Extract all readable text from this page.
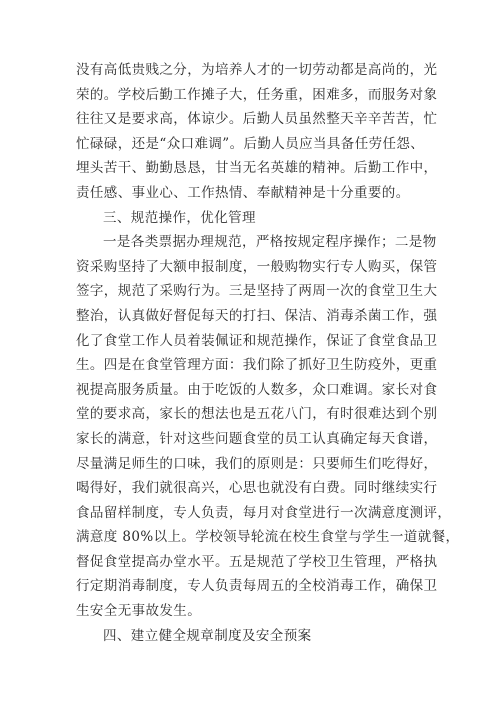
没有高低贵贱之分，为培养人才的一切劳动都是高尚的，光
荣的。学校后勤工作摊子大，任务重，困难多，而服务对象
往往又是要求高，体谅少。后勤人员虽然整天辛辛苦苦，忙
忙碌碌，还是“众口难调”。后勤人员应当具备任劳任怨、
埋头苦干、勤勤恳恳，甘当无名英雄的精神。后勤工作中，
责任感、事业心、工作热情、奉献精神是十分重要的。
三、规范操作，优化管理
一是各类票据办理规范，严格按规定程序操作；二是物
资采购坚持了大额申报制度，一般购物实行专人购买，保管
签字，规范了采购行为。三是坚持了两周一次的食堂卫生大
整治，认真做好督促每天的打扫、保洁、消毒杀菌工作，强
化了食堂工作人员着装佩证和规范操作，保证了食堂食品卫
生。四是在食堂管理方面：我们除了抓好卫生防疫外，更重
视提高服务质量。由于吃饭的人数多，众口难调。家长对食
堂的要求高，家长的想法也是五花八门，有时很难达到个别
家长的满意，针对这些问题食堂的员工认真确定每天食谱，
尽量满足师生的口味，我们的原则是：只要师生们吃得好，
喝得好，我们就很高兴，心思也就没有白费。同时继续实行
食品留样制度，专人负责，每月对食堂进行一次满意度测评，
满意度 80%以上。学校领导轮流在校生食堂与学生一道就餐，
督促食堂提高办堂水平。五是规范了学校卫生管理，严格执
行定期消毒制度，专人负责每周五的全校消毒工作，确保卫
生安全无事故发生。
四、建立健全规章制度及安全预案
